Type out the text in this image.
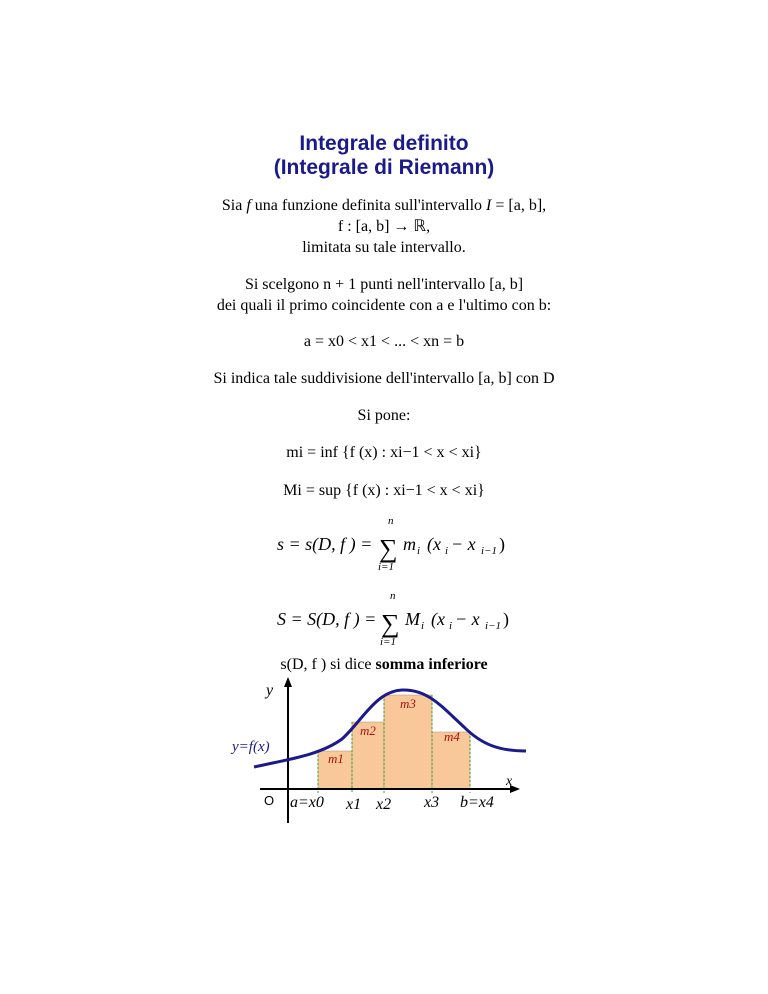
Integrale definito
(Integrale di Riemann)
Sia f una funzione definita sull'intervallo I = [a, b],
f : [a, b] → ℝ,
limitata su tale intervallo.
Si scelgono n + 1 punti nell'intervallo [a, b]
dei quali il primo coincidente con a e l'ultimo con b:
a = x0 < x1 < ... < xn = b
Si indica tale suddivisione dell'intervallo [a, b] con D
Si pone:
mi = inf {f (x) : xi−1 < x < xi}
Mi = sup {f (x) : xi−1 < x < xi}
s = s(D, f ) =
n
∑
i=1
m i (x i − x i−1 )
S = S(D, f ) =
n
∑
i=1
M i (x i − x i−1 )
s(D, f ) si dice somma inferiore
y
x
y=f(x)
O
m1
m2
m3
m4
a=x0 x1 x2 x3 b=x4
